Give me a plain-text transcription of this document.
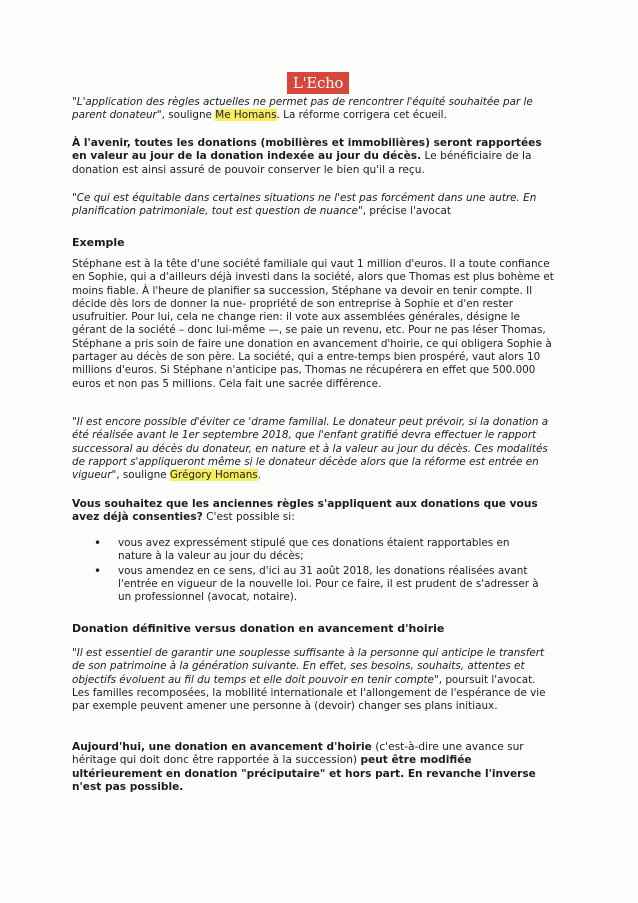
L'Echo
"L'application des règles actuelles ne permet pas de rencontrer l'équité souhaitée par le parent donateur", souligne Me Homans. La réforme corrigera cet écueil.
À l'avenir, toutes les donations (mobilières et immobilières) seront rapportées en valeur au jour de la donation indexée au jour du décès. Le bénéficiaire de la donation est ainsi assuré de pouvoir conserver le bien qu'il a reçu.
"Ce qui est équitable dans certaines situations ne l'est pas forcément dans une autre. En planification patrimoniale, tout est question de nuance", précise l'avocat
Exemple
Stéphane est à la tête d'une société familiale qui vaut 1 million d'euros. Il a toute confiance en Sophie, qui a d'ailleurs déjà investi dans la société, alors que Thomas est plus bohème et moins fiable. À l'heure de planifier sa succession, Stéphane va devoir en tenir compte. Il décide dès lors de donner la nue- propriété de son entreprise à Sophie et d'en rester usufruitier. Pour lui, cela ne change rien: il vote aux assemblées générales, désigne le gérant de la société – donc lui-même —, se paie un revenu, etc. Pour ne pas léser Thomas, Stéphane a pris soin de faire une donation en avancement d'hoirie, ce qui obligera Sophie à partager au décès de son père. La société, qui a entre-temps bien prospéré, vaut alors 10 millions d'euros. Si Stéphane n'anticipe pas, Thomas ne récupérera en effet que 500.000 euros et non pas 5 millions. Cela fait une sacrée différence.
"Il est encore possible d'éviter ce 'drame familial. Le donateur peut prévoir, si la donation a été réalisée avant le 1er septembre 2018, que l'enfant gratifié devra effectuer le rapport successoral au décès du donateur, en nature et à la valeur au jour du décès. Ces modalités de rapport s'appliqueront même si le donateur décède alors que la réforme est entrée en vigueur", souligne Grégory Homans.
Vous souhaitez que les anciennes règles s'appliquent aux donations que vous avez déjà consenties? C'est possible si:
• vous avez expressément stipulé que ces donations étaient rapportables en nature à la valeur au jour du décès;
• vous amendez en ce sens, d'ici au 31 août 2018, les donations réalisées avant l'entrée en vigueur de la nouvelle loi. Pour ce faire, il est prudent de s'adresser à un professionnel (avocat, notaire).
Donation définitive versus donation en avancement d'hoirie
"Il est essentiel de garantir une souplesse suffisante à la personne qui anticipe le transfert de son patrimoine à la génération suivante. En effet, ses besoins, souhaits, attentes et objectifs évoluent au fil du temps et elle doit pouvoir en tenir compte", poursuit l'avocat. Les familles recomposées, la mobilité internationale et l'allongement de l'espérance de vie par exemple peuvent amener une personne à (devoir) changer ses plans initiaux.
Aujourd'hui, une donation en avancement d'hoirie (c'est-à-dire une avance sur héritage qui doit donc être rapportée à la succession) peut être modifiée ultérieurement en donation "préciputaire" et hors part. En revanche l'inverse n'est pas possible.
